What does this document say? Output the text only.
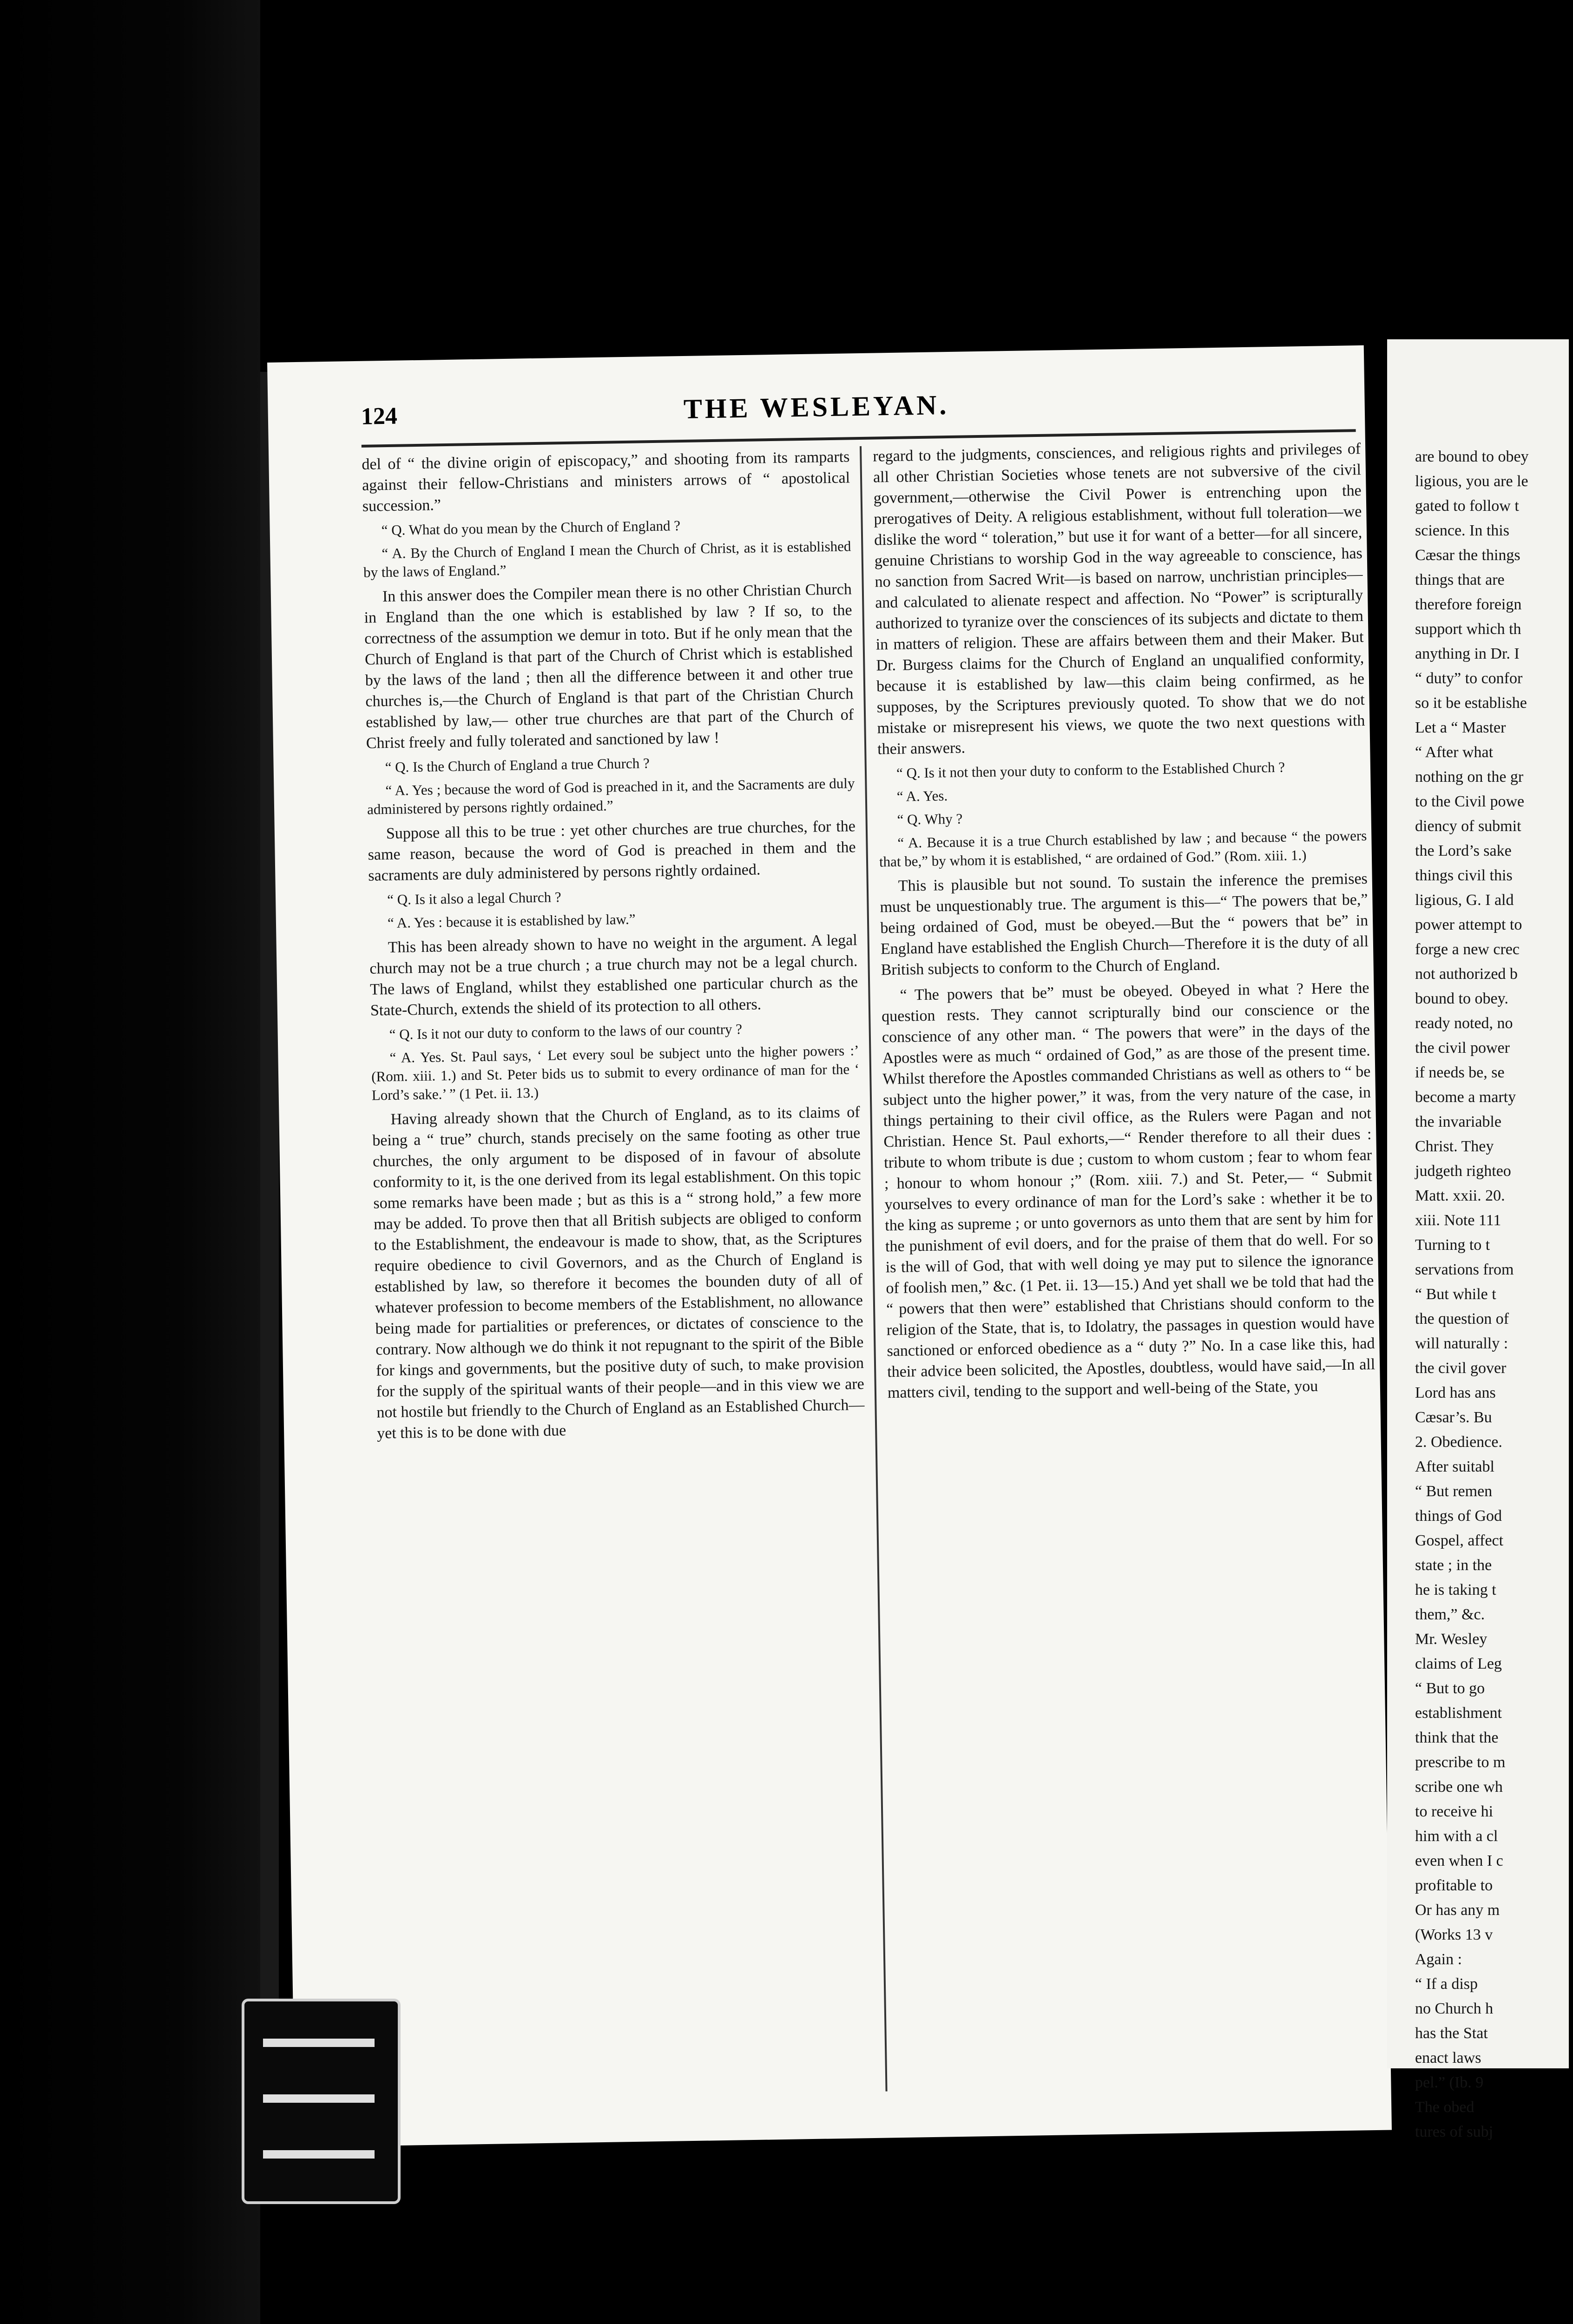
124	THE WESLEYAN.

del of “ the divine origin of episcopacy,” and shooting from its ramparts against their fellow-Christians and ministers arrows of “ apostolical succession.”

“ Q. What do you mean by the Church of England ?

“ A. By the Church of England I mean the Church of Christ, as it is established by the laws of England.”

In this answer does the Compiler mean there is no other Christian Church in England than the one which is established by law ? If so, to the correctness of the assumption we demur in toto. But if he only mean that the Church of England is that part of the Church of Christ which is established by the laws of the land ; then all the difference between it and other true churches is,—the Church of England is that part of the Christian Church established by law,— other true churches are that part of the Church of Christ freely and fully tolerated and sanctioned by law !

“ Q. Is the Church of England a true Church ?

“ A. Yes ; because the word of God is preached in it, and the Sacraments are duly administered by persons rightly ordained.”

Suppose all this to be true : yet other churches are true churches, for the same reason, because the word of God is preached in them and the sacraments are duly administered by persons rightly ordained.

“ Q. Is it also a legal Church ?

“ A. Yes : because it is established by law.”

This has been already shown to have no weight in the argument. A legal church may not be a true church ; a true church may not be a legal church. The laws of England, whilst they established one particular church as the State-Church, extends the shield of its protection to all others.

“ Q. Is it not our duty to conform to the laws of our country ?

“ A. Yes. St. Paul says, ‘ Let every soul be subject unto the higher powers :’ (Rom. xiii. 1.) and St. Peter bids us to submit to every ordinance of man for the ‘ Lord’s sake.’ ” (1 Pet. ii. 13.)

Having already shown that the Church of England, as to its claims of being a “ true” church, stands precisely on the same footing as other true churches, the only argument to be disposed of in favour of absolute conformity to it, is the one derived from its legal establishment. On this topic some remarks have been made ; but as this is a “ strong hold,” a few more may be added. To prove then that all British subjects are obliged to conform to the Establishment, the endeavour is made to show, that, as the Scriptures require obedience to civil Governors, and as the Church of England is established by law, so therefore it becomes the bounden duty of all of whatever profession to become members of the Establishment, no allowance being made for partialities or preferences, or dictates of conscience to the contrary. Now although we do think it not repugnant to the spirit of the Bible for kings and governments, but the positive duty of such, to make provision for the supply of the spiritual wants of their people—and in this view we are not hostile but friendly to the Church of England as an Established Church—yet this is to be done with due

regard to the judgments, consciences, and religious rights and privileges of all other Christian Societies whose tenets are not subversive of the civil government,—otherwise the Civil Power is entrenching upon the prerogatives of Deity. A religious establishment, without full toleration—we dislike the word “ toleration,” but use it for want of a better—for all sincere, genuine Christians to worship God in the way agreeable to conscience, has no sanction from Sacred Writ—is based on narrow, unchristian principles— and calculated to alienate respect and affection. No “Power” is scripturally authorized to tyranize over the consciences of its subjects and dictate to them in matters of religion. These are affairs between them and their Maker. But Dr. Burgess claims for the Church of England an unqualified conformity, because it is established by law—this claim being confirmed, as he supposes, by the Scriptures previously quoted. To show that we do not mistake or misrepresent his views, we quote the two next questions with their answers.

“ Q. Is it not then your duty to conform to the Established Church ?

“ A. Yes.

“ Q. Why ?

“ A. Because it is a true Church established by law ; and because “ the powers that be,” by whom it is established, “ are ordained of God.” (Rom. xiii. 1.)

This is plausible but not sound. To sustain the inference the premises must be unquestionably true. The argument is this—“ The powers that be,” being ordained of God, must be obeyed.—But the “ powers that be” in England have established the English Church—Therefore it is the duty of all British subjects to conform to the Church of England.

“ The powers that be” must be obeyed. Obeyed in what ? Here the question rests. They cannot scripturally bind our conscience or the conscience of any other man. “ The powers that were” in the days of the Apostles were as much “ ordained of God,” as are those of the present time. Whilst therefore the Apostles commanded Christians as well as others to “ be subject unto the higher power,” it was, from the very nature of the case, in things pertaining to their civil office, as the Rulers were Pagan and not Christian. Hence St. Paul exhorts,—“ Render therefore to all their dues : tribute to whom tribute is due ; custom to whom custom ; fear to whom fear ; honour to whom honour ;” (Rom. xiii. 7.) and St. Peter,— “ Submit yourselves to every ordinance of man for the Lord’s sake : whether it be to the king as supreme ; or unto governors as unto them that are sent by him for the punishment of evil doers, and for the praise of them that do well. For so is the will of God, that with well doing ye may put to silence the ignorance of foolish men,” &c. (1 Pet. ii. 13—15.) And yet shall we be told that had the “ powers that then were” established that Christians should conform to the religion of the State, that is, to Idolatry, the passages in question would have sanctioned or enforced obedience as a “ duty ?” No. In a case like this, had their advice been solicited, the Apostles, doubtless, would have said,—In all matters civil, tending to the support and well-being of the State, you

are bound to obey

ligious, you are le

gated to follow t

science. In this

Cæsar the things

things that are

therefore foreign

support which th

anything in Dr. I

“ duty” to confor

so it be establishe

Let a “ Master

“ After what

nothing on the gr

to the Civil powe

diency of submit

the Lord’s sake

things civil this

ligious, G. I ald

power attempt to

forge a new crec

not authorized b

bound to obey.

ready noted, no

the civil power

if needs be, se

become a marty

the invariable

Christ. They

judgeth righteo

Matt. xxii. 20.

xiii. Note 111

Turning to t

servations from

“ But while t

the question of

will naturally :

the civil gover

Lord has ans

Cæsar’s. Bu

2. Obedience.

After suitabl

“ But remen

things of God

Gospel, affect

state ; in the

he is taking t

them,” &c.

Mr. Wesley

claims of Leg

“ But to go

establishment

think that the

prescribe to m

scribe one wh

to receive hi

him with a cl

even when I c

profitable to

Or has any m

(Works 13 v

Again :

“ If a disp

no Church h

has the Stat

enact laws

pel.” (Ib. 9

The obed

tures of subj
